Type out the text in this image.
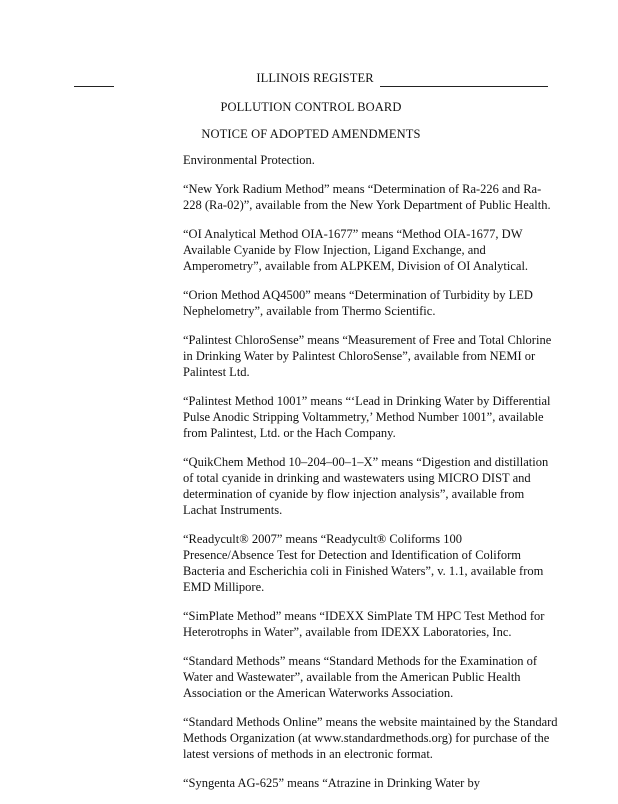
ILLINOIS REGISTER
POLLUTION CONTROL BOARD
NOTICE OF ADOPTED AMENDMENTS

Environmental Protection.

“New York Radium Method” means “Determination of Ra-226 and Ra-
228 (Ra-02)”, available from the New York Department of Public Health.

“OI Analytical Method OIA-1677” means “Method OIA-1677, DW
Available Cyanide by Flow Injection, Ligand Exchange, and
Amperometry”, available from ALPKEM, Division of OI Analytical.

“Orion Method AQ4500” means “Determination of Turbidity by LED
Nephelometry”, available from Thermo Scientific.

“Palintest ChloroSense” means “Measurement of Free and Total Chlorine
in Drinking Water by Palintest ChloroSense”, available from NEMI or
Palintest Ltd.

“Palintest Method 1001” means “‘Lead in Drinking Water by Differential
Pulse Anodic Stripping Voltammetry,’ Method Number 1001”, available
from Palintest, Ltd. or the Hach Company.

“QuikChem Method 10–204–00–1–X” means “Digestion and distillation
of total cyanide in drinking and wastewaters using MICRO DIST and
determination of cyanide by flow injection analysis”, available from
Lachat Instruments.

“Readycult® 2007” means “Readycult® Coliforms 100
Presence/Absence Test for Detection and Identification of Coliform
Bacteria and Escherichia coli in Finished Waters”, v. 1.1, available from
EMD Millipore.

“SimPlate Method” means “IDEXX SimPlate TM HPC Test Method for
Heterotrophs in Water”, available from IDEXX Laboratories, Inc.

“Standard Methods” means “Standard Methods for the Examination of
Water and Wastewater”, available from the American Public Health
Association or the American Waterworks Association.

“Standard Methods Online” means the website maintained by the Standard
Methods Organization (at www.standardmethods.org) for purchase of the
latest versions of methods in an electronic format.

“Syngenta AG-625” means “Atrazine in Drinking Water by
